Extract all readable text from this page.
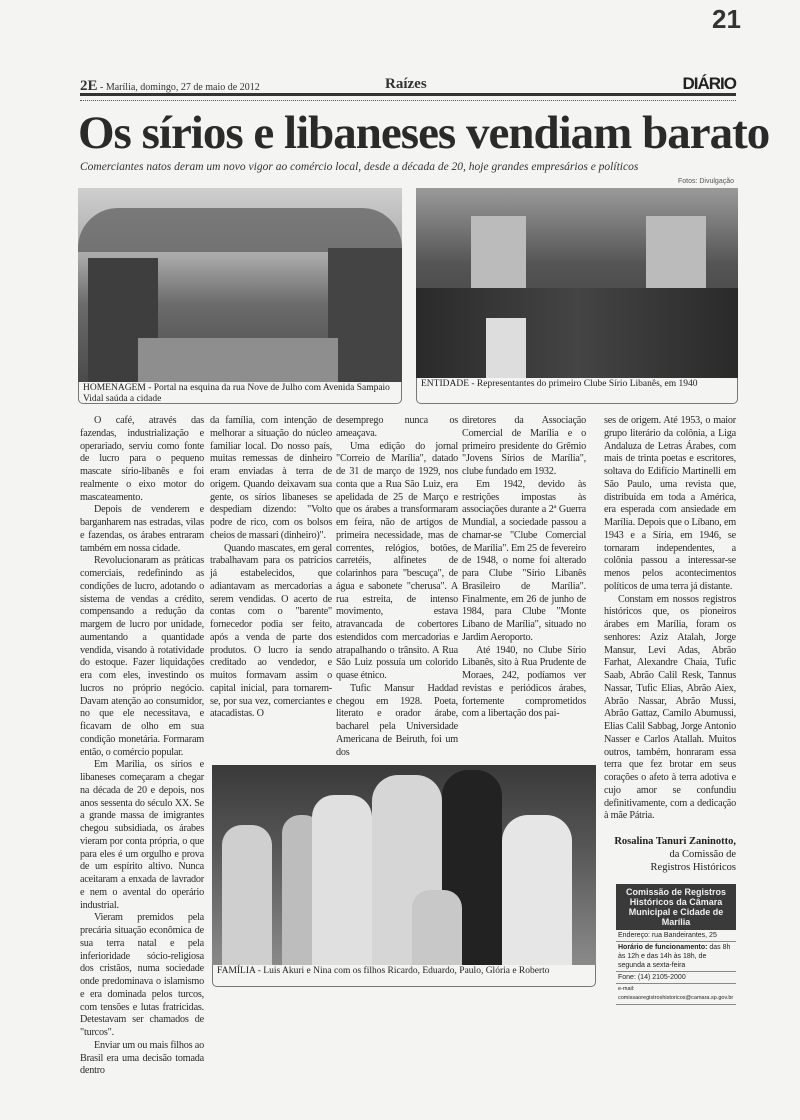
21
2E - Marília, domingo, 27 de maio de 2012	Raízes	DIÁRIO
Os sírios e libaneses vendiam barato
Comerciantes natos deram um novo vigor ao comércio local, desde a década de 20, hoje grandes empresários e políticos
Fotos: Divulgação
HOMENAGEM - Portal na esquina da rua Nove de Julho com Avenida Sampaio Vidal saúda a cidade
ENTIDADE - Representantes do primeiro Clube Sírio Libanês, em 1940

O café, através das fazendas, industrialização e operariado, serviu como fonte de lucro para o pequeno mascate sírio-libanês e foi realmente o eixo motor do mascateamento.

Depois de venderem e barganharem nas estradas, vilas e fazendas, os árabes entraram também em nossa cidade.

Revolucionaram as práticas comerciais, redefinindo as condições de lucro, adotando o sistema de vendas a crédito, compensando a redução da margem de lucro por unidade, aumentando a quantidade vendida, visando à rotatividade do estoque. Fazer liquidações era com eles, investindo os lucros no próprio negócio. Davam atenção ao consumidor, no que ele necessitava, e ficavam de olho em sua condição monetária. Formaram então, o comércio popular.

Em Marília, os sírios e libaneses começaram a chegar na década de 20 e depois, nos anos sessenta do século XX. Se a grande massa de imigrantes chegou subsidiada, os árabes vieram por conta própria, o que para eles é um orgulho e prova de um espírito altivo. Nunca aceitaram a enxada de lavrador e nem o avental do operário industrial.

Vieram premidos pela precária situação econômica de sua terra natal e pela inferioridade sócio-religiosa dos cristãos, numa sociedade onde predominava o islamismo e era dominada pelos turcos, com tensões e lutas fratricidas. Detestavam ser chamados de "turcos".

Enviar um ou mais filhos ao Brasil era uma decisão tomada dentro

da família, com intenção de melhorar a situação do núcleo familiar local. Do nosso país, muitas remessas de dinheiro eram enviadas à terra de origem. Quando deixavam sua gente, os sírios libaneses se despediam dizendo: "Volto podre de rico, com os bolsos cheios de massari (dinheiro)".

Quando mascates, em geral trabalhavam para os patrícios já estabelecidos, que adiantavam as mercadorias a serem vendidas. O acerto de contas com o "barente" fornecedor podia ser feito, após a venda de parte dos produtos. O lucro ia sendo creditado ao vendedor, e muitos formavam assim o capital inicial, para tornarem-se, por sua vez, comerciantes e atacadistas. O

desemprego nunca os ameaçava.

Uma edição do jornal "Correio de Marília", datado de 31 de março de 1929, nos conta que a Rua São Luiz, era apelidada de 25 de Março e que os árabes a transformaram em feira, não de artigos de primeira necessidade, mas de correntes, relógios, botões, carretéis, alfinetes de colarinhos para "bescuça", de água e sabonete "cherusa". A rua estreita, de intenso movimento, estava atravancada de cobertores estendidos com mercadorias e atrapalhando o trânsito. A Rua São Luiz possuía um colorido quase étnico.

Tufic Mansur Haddad chegou em 1928. Poeta, literato e orador árabe, bacharel pela Universidade Americana de Beiruth, foi um dos

diretores da Associação Comercial de Marília e o primeiro presidente do Grêmio "Jovens Sírios de Marília", clube fundado em 1932.

Em 1942, devido às restrições impostas às associações durante a 2ª Guerra Mundial, a sociedade passou a chamar-se "Clube Comercial de Marília". Em 25 de fevereiro de 1948, o nome foi alterado para Clube "Sírio Libanês Brasileiro de Marília". Finalmente, em 26 de junho de 1984, para Clube "Monte Líbano de Marília", situado no Jardim Aeroporto.

Até 1940, no Clube Sírio Libanês, sito à Rua Prudente de Moraes, 242, podíamos ver revistas e periódicos árabes, fortemente comprometidos com a libertação dos pai-

ses de origem. Até 1953, o maior grupo literário da colônia, a Liga Andaluza de Letras Árabes, com mais de trinta poetas e escritores, soltava do Edifício Martinelli em São Paulo, uma revista que, distribuída em toda a América, era esperada com ansiedade em Marília. Depois que o Líbano, em 1943 e a Síria, em 1946, se tornaram independentes, a colônia passou a interessar-se menos pelos acontecimentos políticos de uma terra já distante.

Constam em nossos registros históricos que, os pioneiros árabes em Marília, foram os senhores: Aziz Atalah, Jorge Mansur, Levi Adas, Abrão Farhat, Alexandre Chaia, Tufic Saab, Abrão Calil Resk, Tannus Nassar, Tufic Elias, Abrão Aiex, Abrão Nassar, Abrão Mussi, Abrão Gattaz, Camilo Abumussi, Elias Calil Sabbag, Jorge Antonio Nasser e Carlos Atallah. Muitos outros, também, honraram essa terra que fez brotar em seus corações o afeto à terra adotiva e cujo amor se confundiu definitivamente, com a dedicação à mãe Pátria.

FAMÍLIA - Luis Akuri e Nina com os filhos Ricardo, Eduardo, Paulo, Glória e Roberto
Rosalina Tanuri Zaninotto,
da Comissão de
Registros Históricos
Comissão de Registros Históricos da Câmara Municipal e Cidade de Marília
Endereço: rua Bandeirantes, 25
Horário de funcionamento: das 8h às 12h e das 14h às 18h, de segunda a sexta-feira
Fone: (14) 2105-2000
e-mail: comissaoregistroshistoricos@camara.sp.gov.br
